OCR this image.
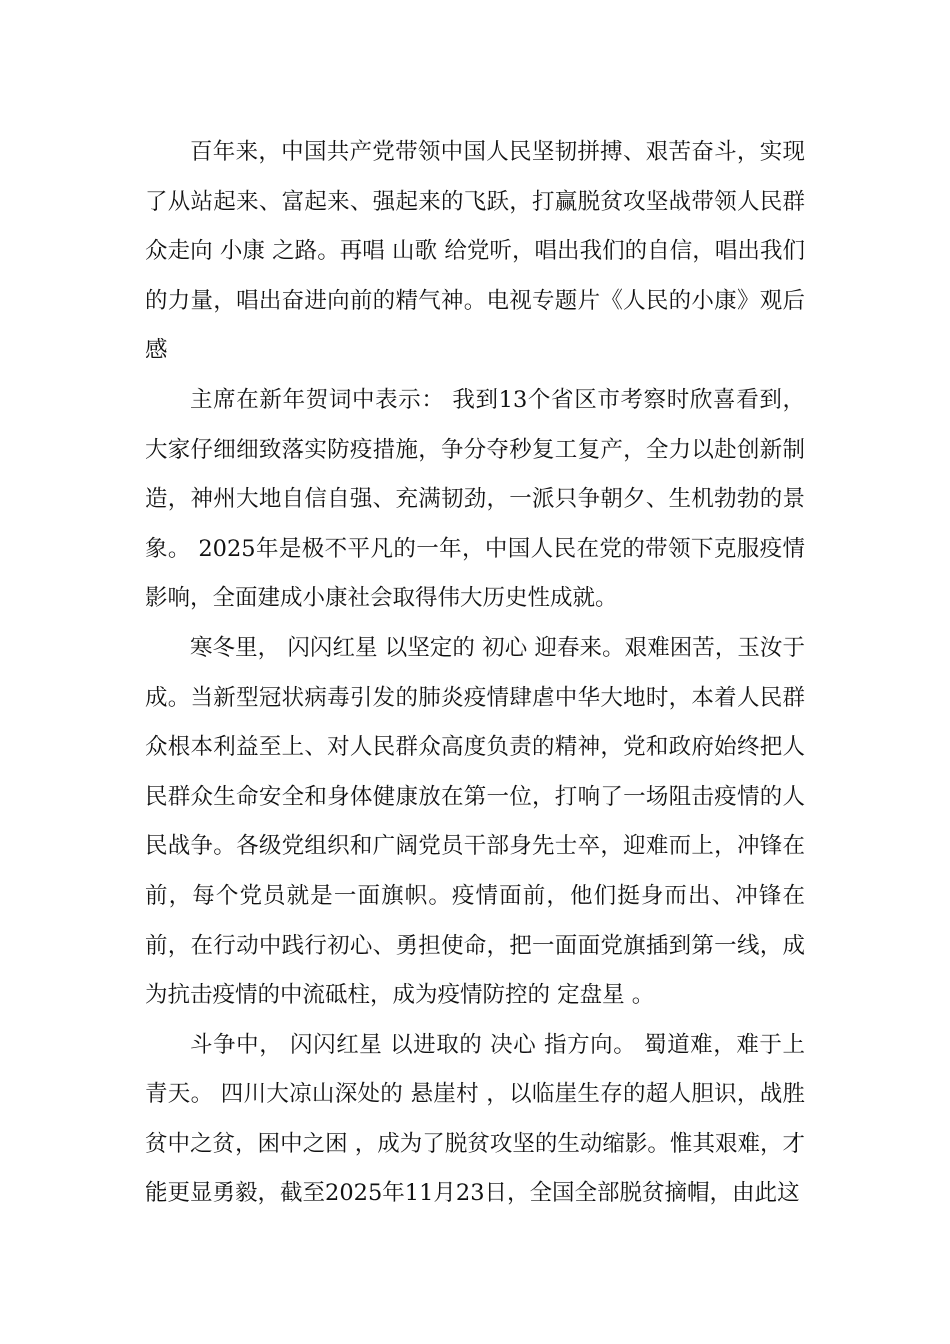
百年来，中国共产党带领中国人民坚韧拼搏、艰苦奋斗，实现了从站起来、富起来、强起来的飞跃，打赢脱贫攻坚战带领人民群众走向 小康 之路。再唱 山歌 给党听，唱出我们的自信，唱出我们的力量，唱出奋进向前的精气神。电视专题片《人民的小康》观后感

主席在新年贺词中表示： 我到13个省区市考察时欣喜看到，大家仔细细致落实防疫措施，争分夺秒复工复产，全力以赴创新制造，神州大地自信自强、充满韧劲，一派只争朝夕、生机勃勃的景象。 2025年是极不平凡的一年，中国人民在党的带领下克服疫情影响，全面建成小康社会取得伟大历史性成就。

寒冬里， 闪闪红星 以坚定的 初心 迎春来。艰难困苦，玉汝于成。当新型冠状病毒引发的肺炎疫情肆虐中华大地时，本着人民群众根本利益至上、对人民群众高度负责的精神，党和政府始终把人民群众生命安全和身体健康放在第一位，打响了一场阻击疫情的人民战争。各级党组织和广阔党员干部身先士卒，迎难而上，冲锋在前，每个党员就是一面旗帜。疫情面前，他们挺身而出、冲锋在前，在行动中践行初心、勇担使命，把一面面党旗插到第一线，成为抗击疫情的中流砥柱，成为疫情防控的 定盘星 。

斗争中， 闪闪红星 以进取的 决心 指方向。 蜀道难，难于上青天。 四川大凉山深处的 悬崖村 ，以临崖生存的超人胆识，战胜贫中之贫，困中之困 ，成为了脱贫攻坚的生动缩影。惟其艰难，才能更显勇毅，截至2025年11月23日，全国全部脱贫摘帽，由此这
